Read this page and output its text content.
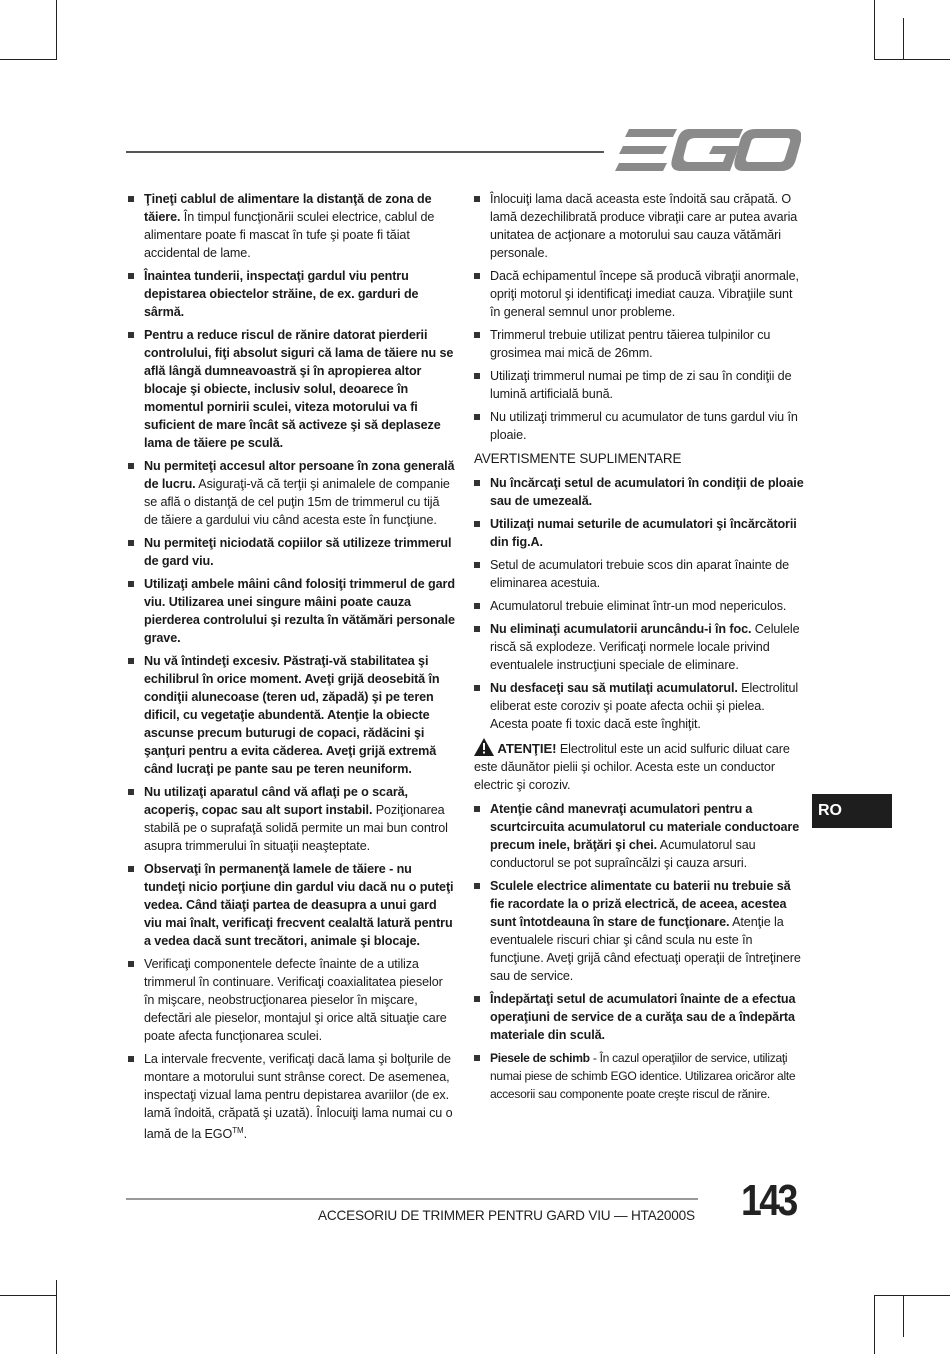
Ţineţi cablul de alimentare la distanţă de zona de tăiere. În timpul funcţionării sculei electrice, cablul de alimentare poate fi mascat în tufe şi poate fi tăiat accidental de lame.
Înaintea tunderii, inspectaţi gardul viu pentru depistarea obiectelor străine, de ex. garduri de sârmă.
Pentru a reduce riscul de rănire datorat pierderii controlului, fiţi absolut siguri că lama de tăiere nu se află lângă dumneavoastră şi în apropierea altor blocaje şi obiecte, inclusiv solul, deoarece în momentul pornirii sculei, viteza motorului va fi suficient de mare încât să activeze şi să deplaseze lama de tăiere pe sculă.
Nu permiteţi accesul altor persoane în zona generală de lucru. Asiguraţi-vă că terţii şi animalele de companie se află o distanţă de cel puţin 15m de trimmerul cu tijă de tăiere a gardului viu când acesta este în funcţiune.
Nu permiteţi niciodată copiilor să utilizeze trimmerul de gard viu.
Utilizaţi ambele mâini când folosiţi trimmerul de gard viu. Utilizarea unei singure mâini poate cauza pierderea controlului şi rezulta în vătămări personale grave.
Nu vă întindeţi excesiv. Păstraţi-vă stabilitatea şi echilibrul în orice moment. Aveţi grijă deosebită în condiţii alunecoase (teren ud, zăpadă) şi pe teren dificil, cu vegetaţie abundentă. Atenţie la obiecte ascunse precum buturugi de copaci, rădăcini şi şanţuri pentru a evita căderea. Aveţi grijă extremă când lucraţi pe pante sau pe teren neuniform.
Nu utilizaţi aparatul când vă aflaţi pe o scară, acoperiş, copac sau alt suport instabil. Poziţionarea stabilă pe o suprafaţă solidă permite un mai bun control asupra trimmerului în situaţii neaşteptate.
Observaţi în permanenţă lamele de tăiere - nu tundeţi nicio porţiune din gardul viu dacă nu o puteţi vedea. Când tăiaţi partea de deasupra a unui gard viu mai înalt, verificaţi frecvent cealaltă latură pentru a vedea dacă sunt trecători, animale şi blocaje.
Verificaţi componentele defecte înainte de a utiliza trimmerul în continuare. Verificaţi coaxialitatea pieselor în mişcare, neobstrucţionarea pieselor în mişcare, defectări ale pieselor, montajul şi orice altă situaţie care poate afecta funcţionarea sculei.
La intervale frecvente, verificaţi dacă lama şi bolţurile de montare a motorului sunt strânse corect. De asemenea, inspectaţi vizual lama pentru depistarea avariilor (de ex. lamă îndoită, crăpată şi uzată). Înlocuiţi lama numai cu o lamă de la EGO™.
Înlocuiţi lama dacă aceasta este îndoită sau crăpată. O lamă dezechilibrată produce vibraţii care ar putea avaria unitatea de acţionare a motorului sau cauza vătămări personale.
Dacă echipamentul începe să producă vibraţii anormale, opriţi motorul şi identificaţi imediat cauza. Vibraţiile sunt în general semnul unor probleme.
Trimmerul trebuie utilizat pentru tăierea tulpinilor cu grosimea mai mică de 26mm.
Utilizaţi trimmerul numai pe timp de zi sau în condiţii de lumină artificială bună.
Nu utilizaţi trimmerul cu acumulator de tuns gardul viu în ploaie.
AVERTISMENTE SUPLIMENTARE
Nu încărcaţi setul de acumulatori în condiţii de ploaie sau de umezeală.
Utilizaţi numai seturile de acumulatori şi încărcătorii din fig.A.
Setul de acumulatori trebuie scos din aparat înainte de eliminarea acestuia.
Acumulatorul trebuie eliminat într-un mod nepericulos.
Nu eliminaţi acumulatorii aruncându-i în foc. Celulele riscă să explodeze. Verificaţi normele locale privind eventualele instrucţiuni speciale de eliminare.
Nu desfaceţi sau să mutilaţi acumulatorul. Electrolitul eliberat este coroziv şi poate afecta ochii şi pielea. Acesta poate fi toxic dacă este înghiţit.
ATENŢIE! Electrolitul este un acid sulfuric diluat care este dăunător pielii şi ochilor. Acesta este un conductor electric şi coroziv.
Atenţie când manevraţi acumulatori pentru a scurtcircuita acumulatorul cu materiale conductoare precum inele, brăţări şi chei. Acumulatorul sau conductorul se pot supraîncălzi şi cauza arsuri.
Sculele electrice alimentate cu baterii nu trebuie să fie racordate la o priză electrică, de aceea, acestea sunt întotdeauna în stare de funcţionare. Atenţie la eventualele riscuri chiar şi când scula nu este în funcţiune. Aveţi grijă când efectuaţi operaţii de întreţinere sau de service.
Îndepărtaţi setul de acumulatori înainte de a efectua operaţiuni de service de a curăţa sau de a îndepărta materiale din sculă.
Piesele de schimb - În cazul operaţiilor de service, utilizaţi numai piese de schimb EGO identice. Utilizarea oricăror alte accesorii sau componente poate creşte riscul de rănire.
RO
ACCESORIU DE TRIMMER PENTRU GARD VIU — HTA2000S 143
